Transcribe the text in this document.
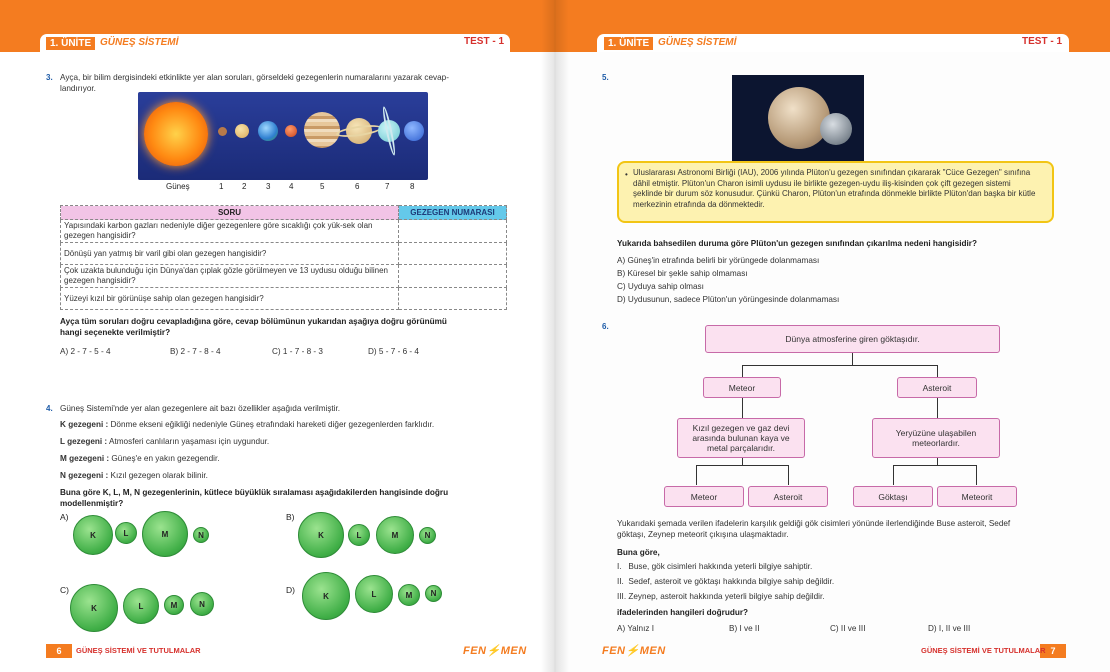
1. ÜNİTE GÜNEŞ SİSTEMİ	TEST - 1
3. Ayça, bir bilim dergisindeki etkinlikte yer alan soruları, görseldeki gezegenlerin numaralarını yazarak cevap-
landırıyor.
Güneş	1 2 3 4	5	6	7	8
SORU	GEZEGEN NUMARASI
Yapısındaki karbon gazları nedeniyle diğer gezegenlere göre sıcaklığı çok yük-sek olan gezegen hangisidir?	
Dönüşü yan yatmış bir varil gibi olan gezegen hangisidir?	
Çok uzakta bulunduğu için Dünya'dan çıplak gözle görülmeyen ve 13 uydusu olduğu bilinen gezegen hangisidir?	
Yüzeyi kızıl bir görünüşe sahip olan gezegen hangisidir?	
Ayça tüm soruları doğru cevapladığına göre, cevap bölümünun yukarıdan aşağıya doğru görünümü
hangi seçenekte verilmiştir?
A) 2 - 7 - 5 - 4	B) 2 - 7 - 8 - 4	C) 1 - 7 - 8 - 3	D) 5 - 7 - 6 - 4
4. Güneş Sistemi'nde yer alan gezegenlere ait bazı özellikler aşağıda verilmiştir.
K gezegeni : Dönme ekseni eğikliği nedeniyle Güneş etrafındaki hareketi diğer gezegenlerden farklıdır.
L gezegeni : Atmosferi canlıların yaşaması için uygundur.
M gezegeni : Güneş'e en yakın gezegendir.
N gezegeni : Kızıl gezegen olarak bilinir.
Buna göre K, L, M, N gezegenlerinin, kütlece büyüklük sıralaması aşağıdakilerden hangisinde doğru
modellenmiştir?
A)
K	L	M	N
B)
K	L	M	N
C)
K	L	M	N
D)
K	L	M	N
6	GÜNEŞ SİSTEMİ VE TUTULMALAR	FEN⚡MEN
1. ÜNİTE GÜNEŞ SİSTEMİ	TEST - 1
5.
7
GÜNEŞ SİSTEMİ VE TUTULMALAR
FEN⚡MEN
• Uluslararası Astronomi Birliği (IAU), 2006 yılında Plüton'u gezegen sınıfından çıkararak "Cüce Gezegen" sınıfına dâhil etmiştir. Plüton'un Charon isimli uydusu ile birlikte gezegen-uydu iliş-kisinden çok çift gezegen sistemi şeklinde bir durum söz konusudur. Çünkü Charon, Plüton'un etrafında dönmekle birlikte Plüton'dan başka bir kütle merkezinin etrafında da dönmektedir.
Yukarıda bahsedilen duruma göre Plüton'un gezegen sınıfından çıkarılma nedeni hangisidir?
A) Güneş'in etrafında belirli bir yörüngede dolanmaması
B) Küresel bir şekle sahip olmaması
C) Uyduya sahip olması
D) Uydusunun, sadece Plüton'un yörüngesinde dolanmaması
6.
Dünya atmosferine giren göktaşıdır.
Meteor	Asteroit
Kızıl gezegen ve gaz devi arasında bulunan kaya ve metal parçalarıdır.
Yeryüzüne ulaşabilen meteorlardır.
Meteor	Asteroit	Göktaşı	Meteorit
Yukarıdaki şemada verilen ifadelerin karşılık geldiği gök cisimleri yönünde ilerlendiğinde Buse asteroit, Sedef
göktaşı, Zeynep meteorit çıkışına ulaşmaktadır.
Buna göre,
I.   Buse, gök cisimleri hakkında yeterli bilgiye sahiptir.
II.  Sedef, asteroit ve göktaşı hakkında bilgiye sahip değildir.
III. Zeynep, asteroit hakkında yeterli bilgiye sahip değildir.
ifadelerinden hangileri doğrudur?
A) Yalnız I	B) I ve II	C) II ve III	D) I, II ve III
